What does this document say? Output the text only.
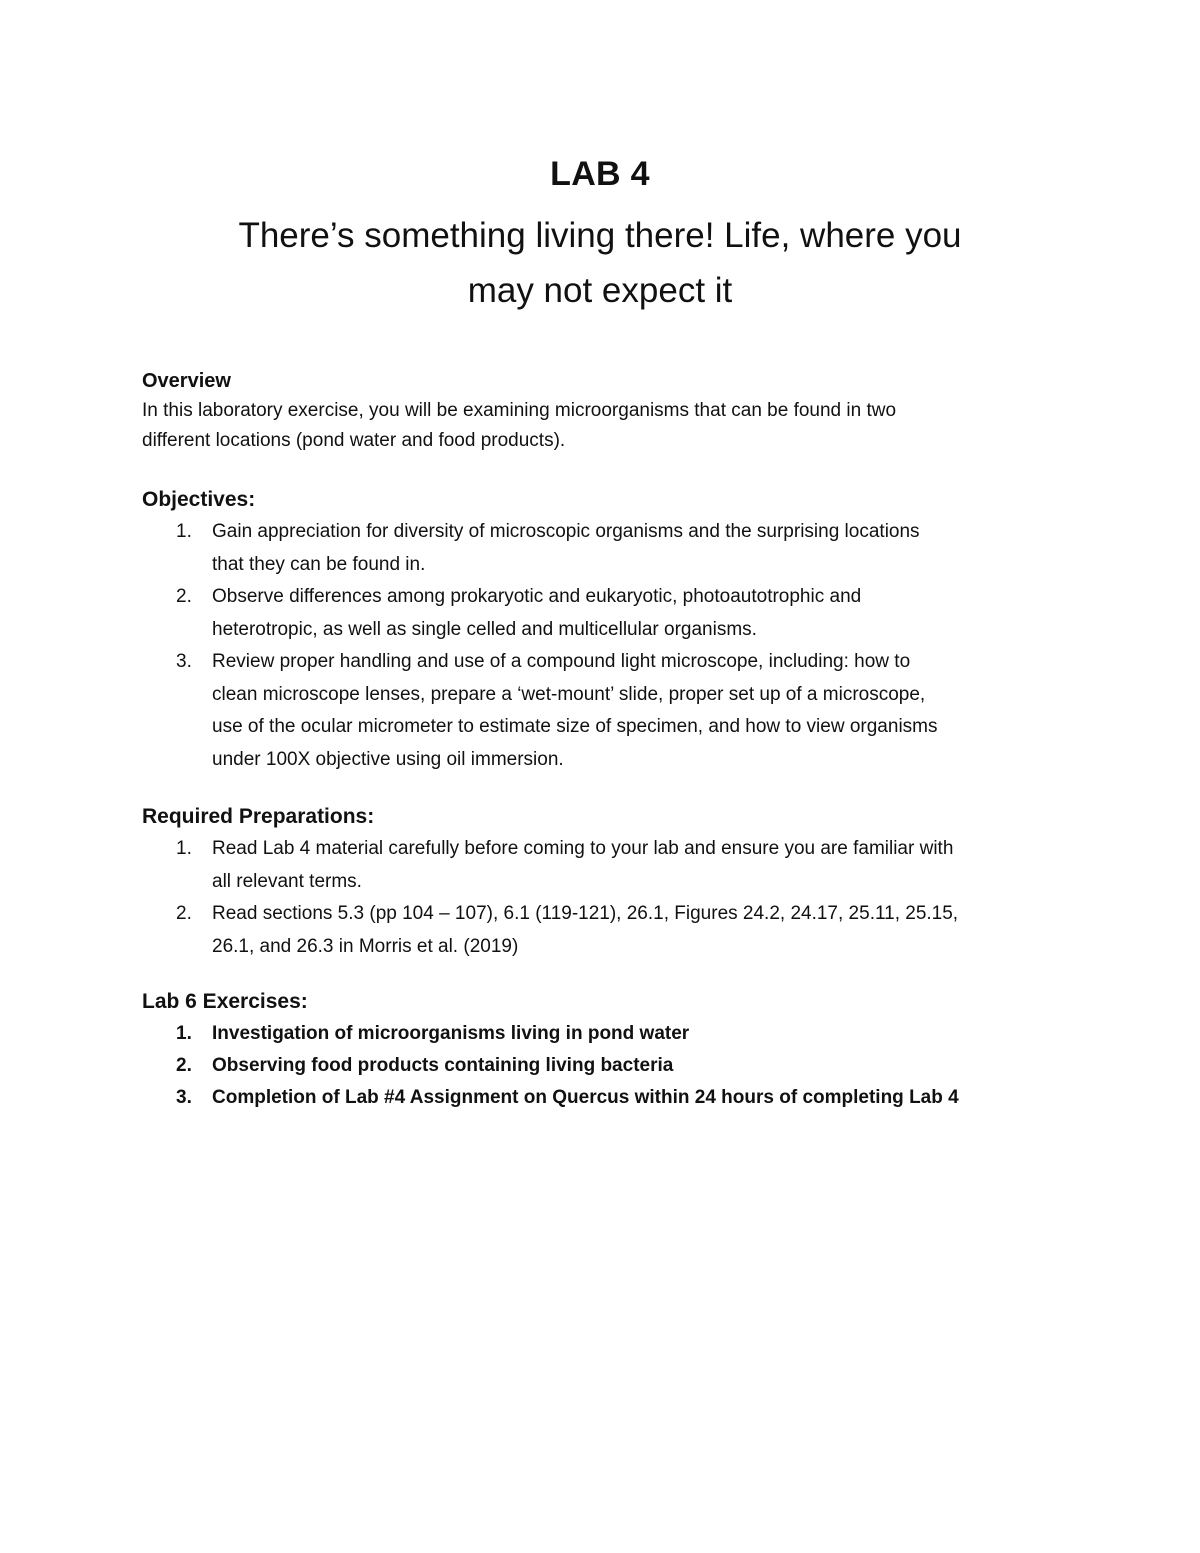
LAB 4
There’s something living there! Life, where you
may not expect it

Overview

In this laboratory exercise, you will be examining microorganisms that can be found in two
different locations (pond water and food products).

Objectives:

1. Gain appreciation for diversity of microscopic organisms and the surprising locations
that they can be found in.
2. Observe differences among prokaryotic and eukaryotic, photoautotrophic and
heterotropic, as well as single celled and multicellular organisms.
3. Review proper handling and use of a compound light microscope, including: how to
clean microscope lenses, prepare a ‘wet-mount’ slide, proper set up of a microscope,
use of the ocular micrometer to estimate size of specimen, and how to view organisms
under 100X objective using oil immersion.

Required Preparations:

1. Read Lab 4 material carefully before coming to your lab and ensure you are familiar with
all relevant terms.
2. Read sections 5.3 (pp 104 – 107), 6.1 (119-121), 26.1, Figures 24.2, 24.17, 25.11, 25.15,
26.1, and 26.3 in Morris et al. (2019)

Lab 6 Exercises:

1. Investigation of microorganisms living in pond water
2. Observing food products containing living bacteria
3. Completion of Lab #4 Assignment on Quercus within 24 hours of completing Lab 4
